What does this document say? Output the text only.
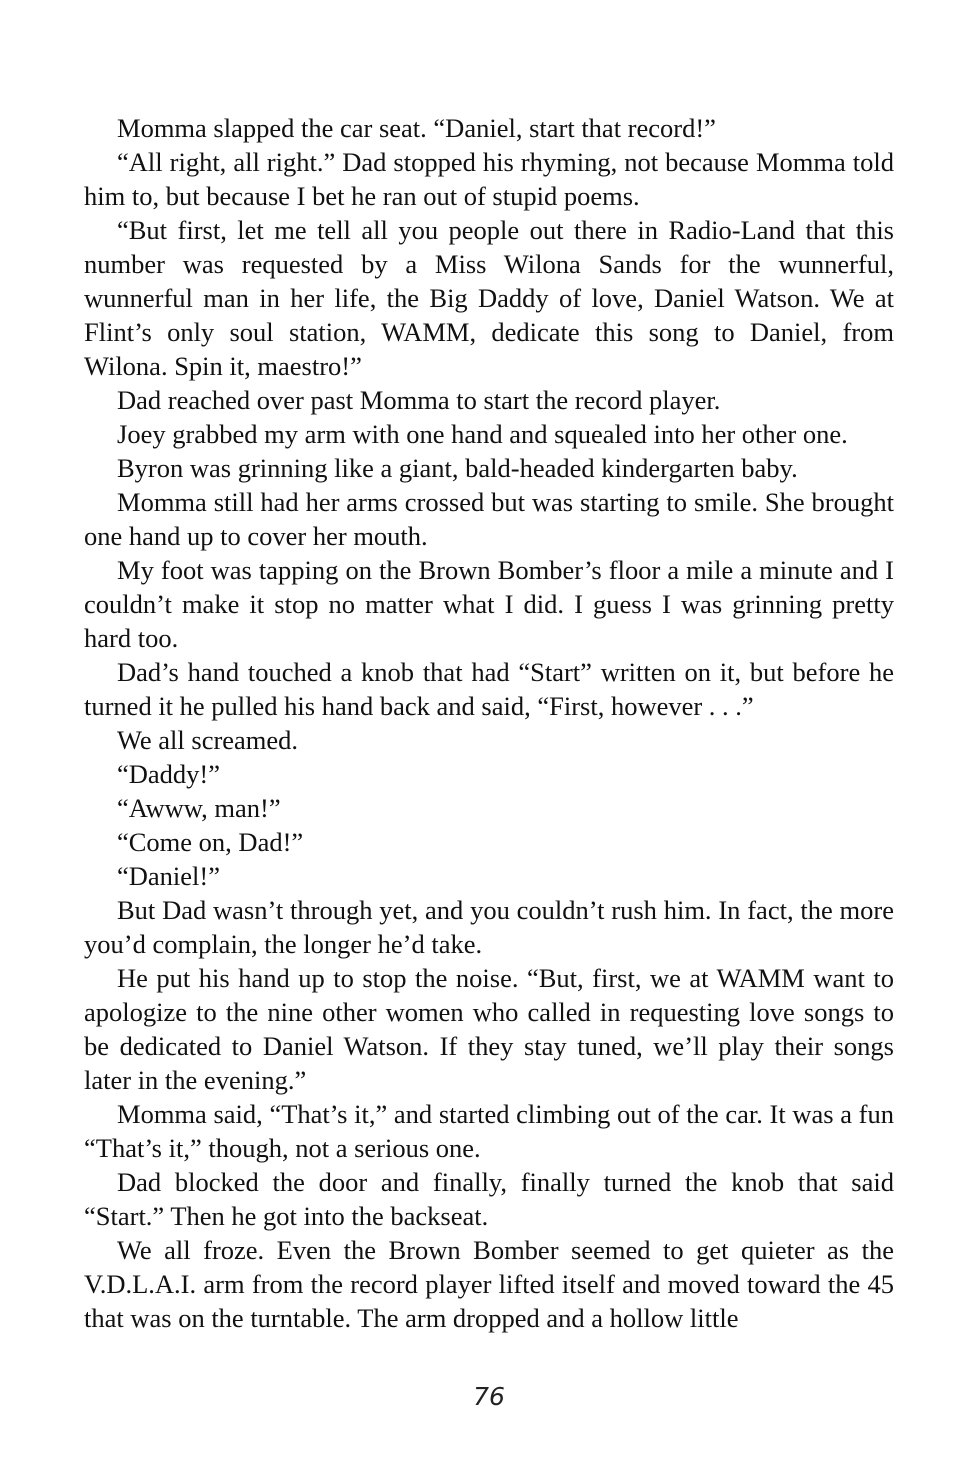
Momma slapped the car seat. “Daniel, start that record!”

“All right, all right.” Dad stopped his rhyming, not because Momma told him to, but because I bet he ran out of stupid poems.

“But first, let me tell all you people out there in Radio-Land that this number was requested by a Miss Wilona Sands for the wunnerful, wunnerful man in her life, the Big Daddy of love, Daniel Watson. We at Flint’s only soul station, WAMM, dedicate this song to Daniel, from Wilona. Spin it, maestro!”

Dad reached over past Momma to start the record player.

Joey grabbed my arm with one hand and squealed into her other one.

Byron was grinning like a giant, bald-headed kindergarten baby.

Momma still had her arms crossed but was starting to smile. She brought one hand up to cover her mouth.

My foot was tapping on the Brown Bomber’s floor a mile a minute and I couldn’t make it stop no matter what I did. I guess I was grinning pretty hard too.

Dad’s hand touched a knob that had “Start” written on it, but before he turned it he pulled his hand back and said, “First, however . . .”

We all screamed.

“Daddy!”

“Awww, man!”

“Come on, Dad!”

“Daniel!”

But Dad wasn’t through yet, and you couldn’t rush him. In fact, the more you’d complain, the longer he’d take.

He put his hand up to stop the noise. “But, first, we at WAMM want to apologize to the nine other women who called in requesting love songs to be dedicated to Daniel Watson. If they stay tuned, we’ll play their songs later in the evening.”

Momma said, “That’s it,” and started climbing out of the car. It was a fun “That’s it,” though, not a serious one.

Dad blocked the door and finally, finally turned the knob that said “Start.” Then he got into the backseat.

We all froze. Even the Brown Bomber seemed to get quieter as the V.D.L.A.I. arm from the record player lifted itself and moved toward the 45 that was on the turntable. The arm dropped and a hollow little

76
